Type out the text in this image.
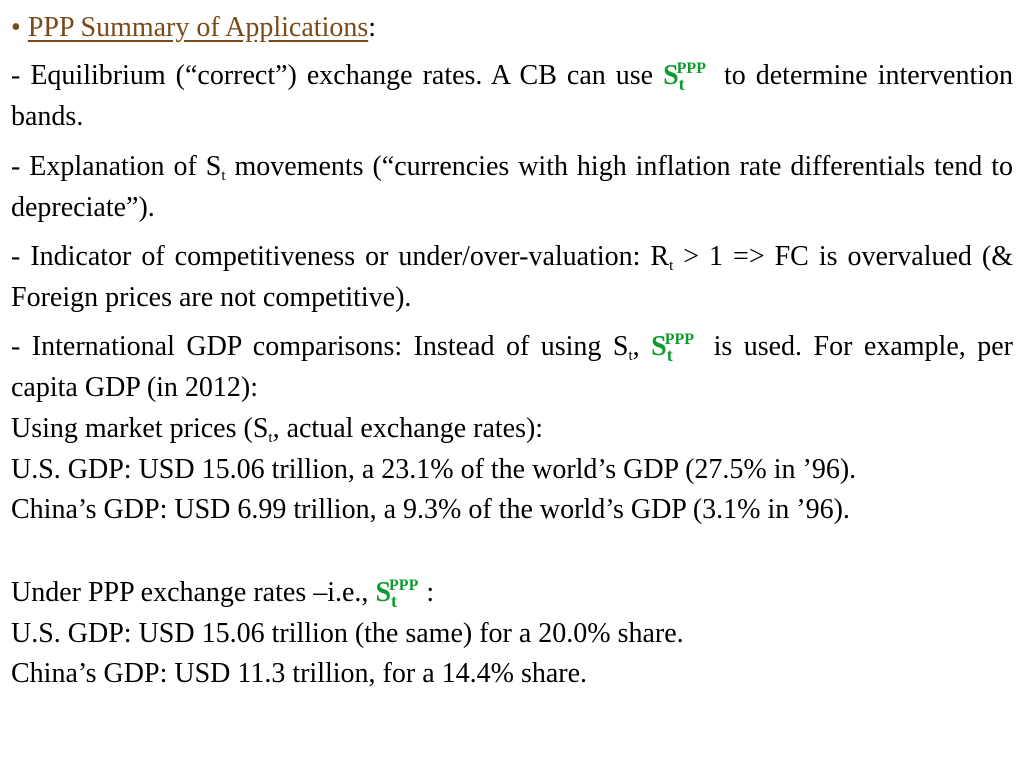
• PPP Summary of Applications:
- Equilibrium (“correct”) exchange rates. A CB can use $S_t^{PPP}$ to determine intervention bands.
- Explanation of $S_t$ movements (“currencies with high inflation rate differentials tend to depreciate”).
- Indicator of competitiveness or under/over-valuation: $R_t > 1$ => FC is overvalued (& Foreign prices are not competitive).
- International GDP comparisons: Instead of using $S_t$, $S_t^{PPP}$ is used. For example, per capita GDP (in 2012):
Using market prices ($S_t$, actual exchange rates):
U.S. GDP: USD 15.06 trillion, a 23.1% of the world’s GDP (27.5% in ’96).
China’s GDP: USD 6.99 trillion, a 9.3% of the world’s GDP (3.1% in ’96).
Under PPP exchange rates –i.e., $S_t^{PPP}$ :
U.S. GDP: USD 15.06 trillion (the same) for a 20.0% share.
China’s GDP: USD 11.3 trillion, for a 14.4% share.
